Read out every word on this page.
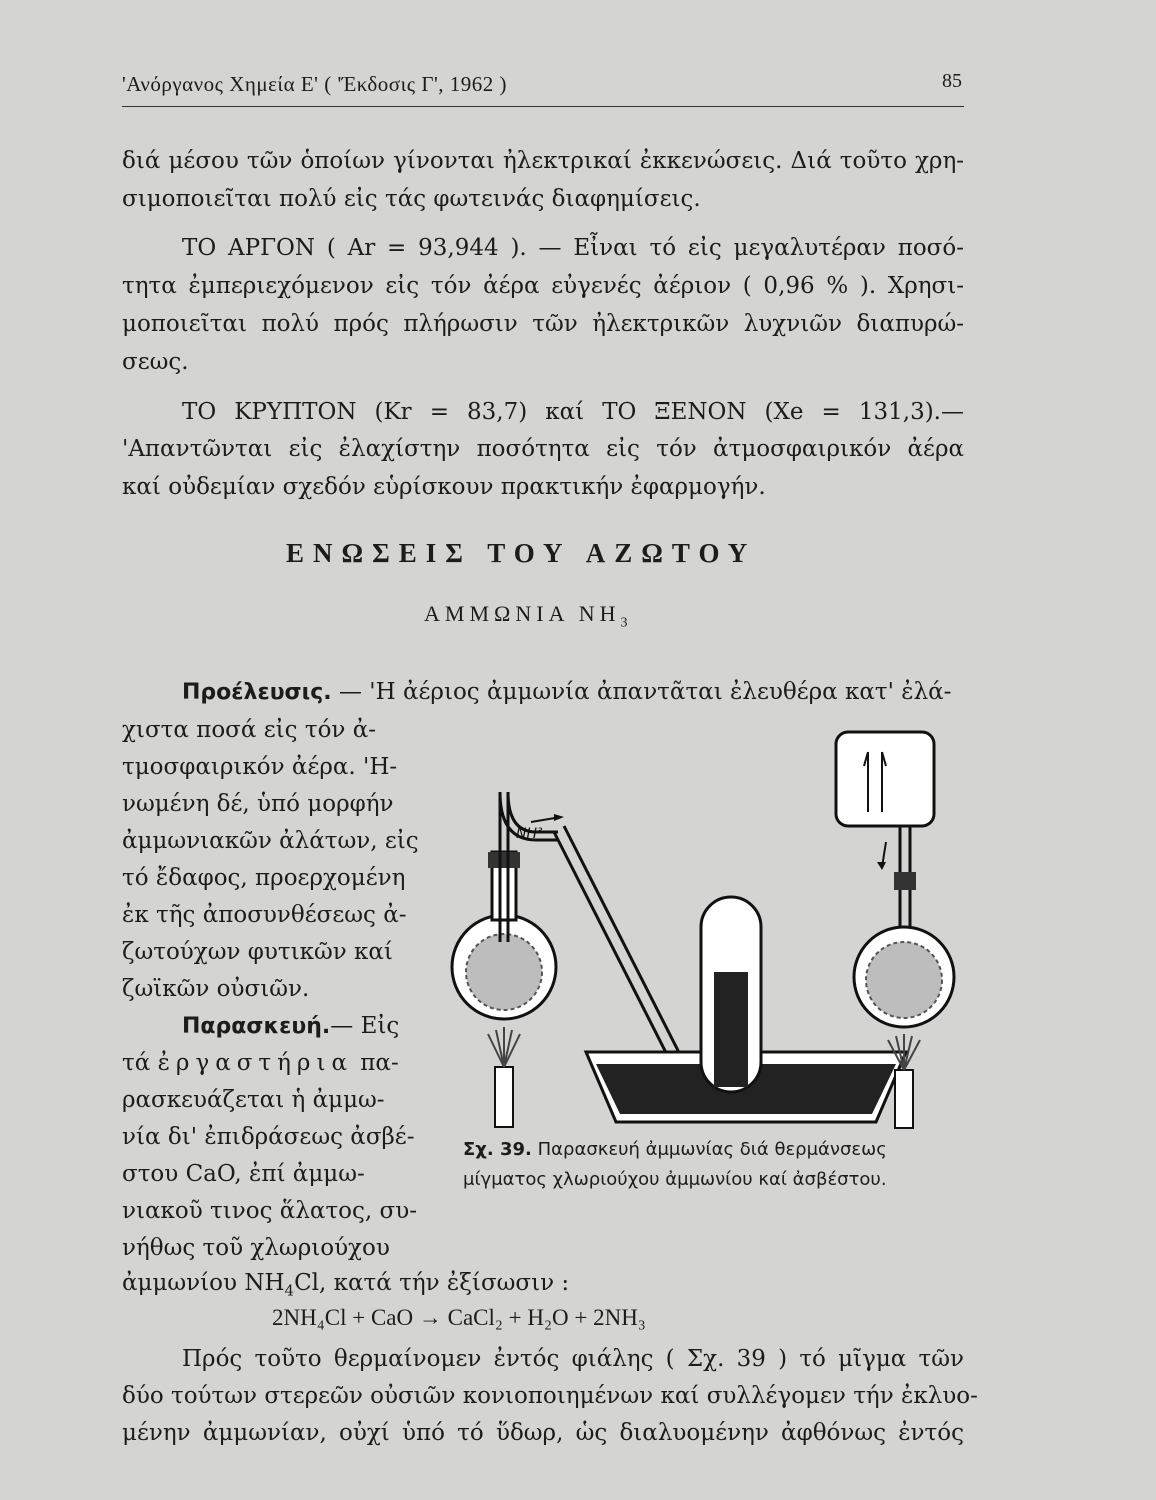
'Ανόργανος Χημεία Ε' ( 'Έκδοσις Γ', 1962 )	85
διά μέσου τῶν ὁποίων γίνονται ἠλεκτρικαί ἐκκενώσεις. Διά τοῦτο χρη-
σιμοποιεῖται πολύ εἰς τάς φωτεινάς διαφημίσεις.
ΤΟ ΑΡΓΟΝ ( Ar = 93,944 ). — Εἶναι τό εἰς μεγαλυτέραν ποσό-
τητα ἐμπεριεχόμενον εἰς τόν ἀέρα εὐγενές ἀέριον ( 0,96 % ). Χρησι-
μοποιεῖται πολύ πρός πλήρωσιν τῶν ἠλεκτρικῶν λυχνιῶν διαπυρώ-
σεως.
ΤΟ ΚΡΥΠΤΟΝ (Kr = 83,7) καί ΤΟ ΞΕΝΟΝ (Xe = 131,3).—
'Απαντῶνται εἰς ἐλαχίστην ποσότητα εἰς τόν ἀτμοσφαιρικόν ἀέρα
καί οὐδεμίαν σχεδόν εὑρίσκουν πρακτικήν ἐφαρμογήν.
ΕΝΩΣΕΙΣ ΤΟΥ ΑΖΩΤΟΥ
ΑΜΜΩΝΙΑ $NH_3$
Προέλευσις. — 'Η ἀέριος ἀμμωνία ἀπαντᾶται ἐλευθέρα κατ' ἐλά-
χιστα ποσά εἰς τόν ἀ-
τμοσφαιρικόν ἀέρα. 'Η-
νωμένη δέ, ὑπό μορφήν
ἀμμωνιακῶν ἀλάτων, εἰς
τό ἔδαφος, προερχομένη
ἐκ τῆς ἀποσυνθέσεως ἀ-
ζωτούχων φυτικῶν καί
ζωϊκῶν οὐσιῶν.
Παρασκευή.— Εἰς
τά ἐργαστήρια πα-
ρασκευάζεται ἡ ἀμμω-
νία δι' ἐπιδράσεως ἀσβέ-
στου CaO, ἐπί ἀμμω-
νιακοῦ τινος ἅλατος, συ-
νήθως τοῦ χλωριούχου
ἀμμωνίου $NH_4Cl$, κατά τήν ἐξίσωσιν :
2NH₄Cl + CaO → CaCl₂ + H₂O + 2NH₃
NH³
Σχ. 39. Παρασκευή ἀμμωνίας διά θερμάνσεως
μίγματος χλωριούχου ἀμμωνίου καί ἀσβέστου.
Πρός τοῦτο θερμαίνομεν ἐντός φιάλης ( Σχ. 39 ) τό μῖγμα τῶν
δύο τούτων στερεῶν οὐσιῶν κονιοποιημένων καί συλλέγομεν τήν ἐκλυο-
μένην ἀμμωνίαν, οὐχί ὑπό τό ὕδωρ, ὡς διαλυομένην ἀφθόνως ἐντός
